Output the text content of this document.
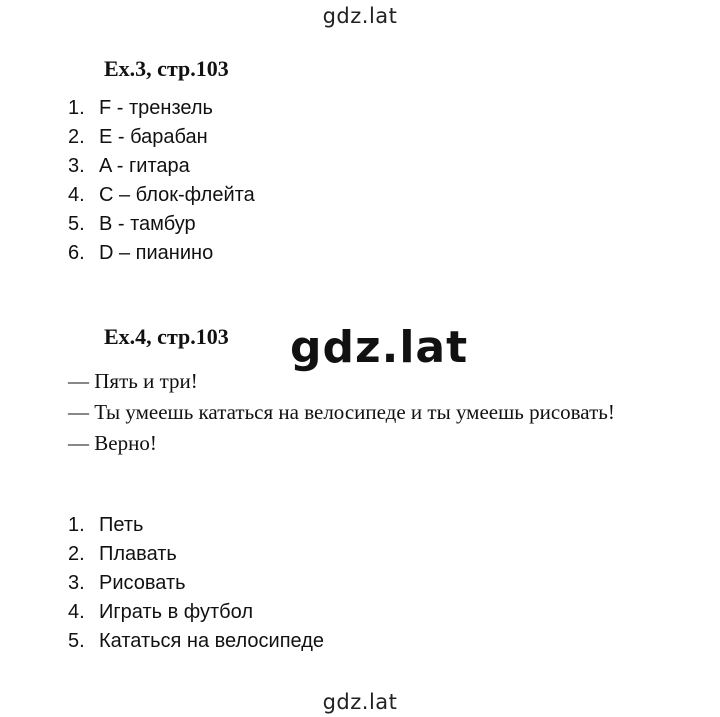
gdz.lat
Ex.3, стр.103
1. F - трензель
2. E - барабан
3. A - гитара
4. C – блок-флейта
5. B - тамбур
6. D – пианино
Ex.4, стр.103 gdz.lat
— Пять и три!
— Ты умеешь кататься на велосипеде и ты умеешь рисовать!
— Верно!
1. Петь
2. Плавать
3. Рисовать
4. Играть в футбол
5. Кататься на велосипеде
gdz.lat
